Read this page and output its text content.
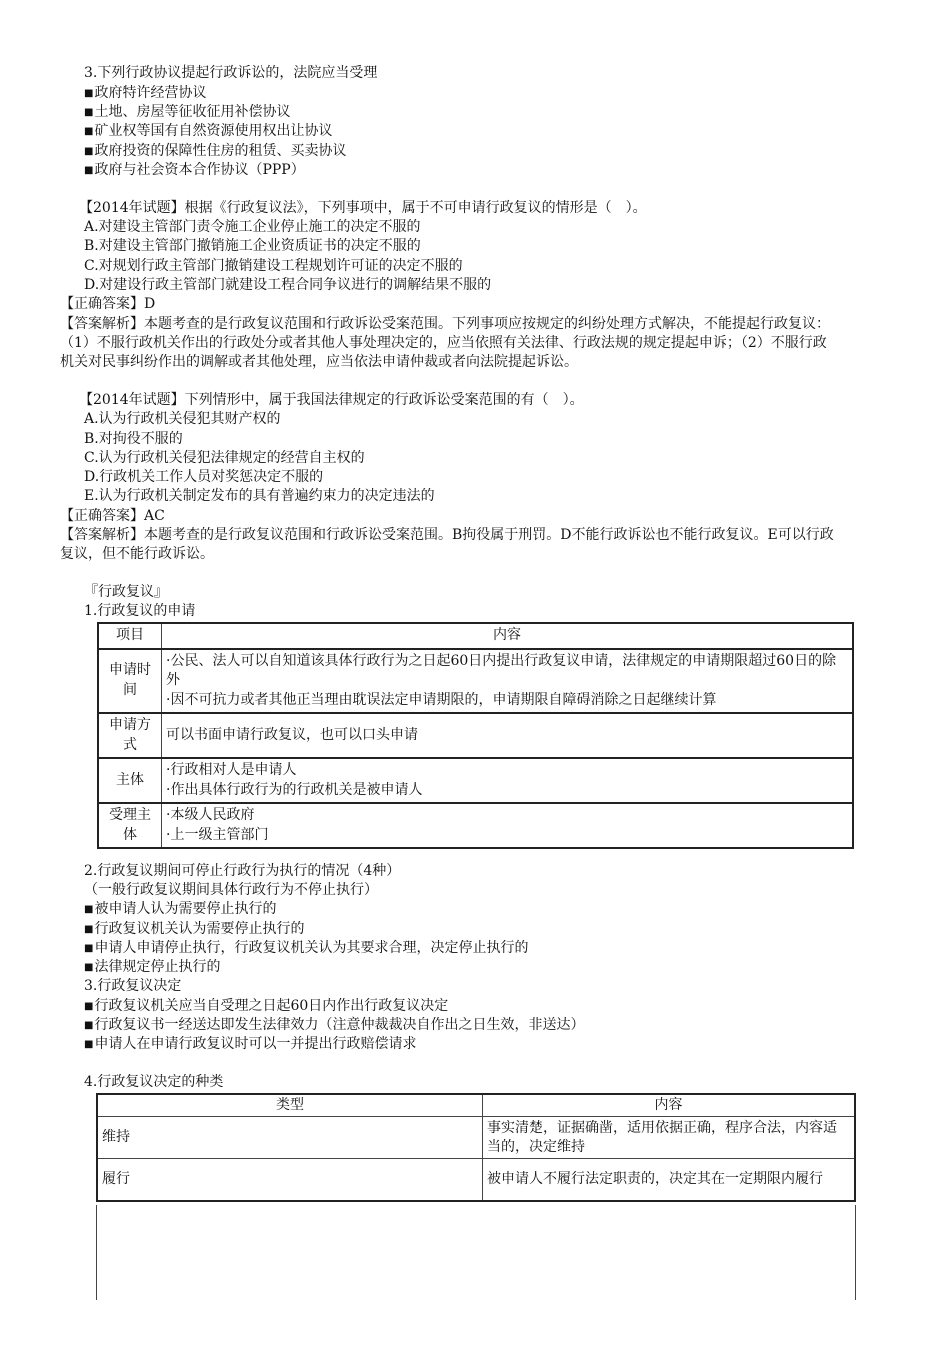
3.下列行政协议提起行政诉讼的，法院应当受理
■ 政府特许经营协议
■ 土地、房屋等征收征用补偿协议
■ 矿业权等国有自然资源使用权出让协议
■ 政府投资的保障性住房的租赁、买卖协议
■ 政府与社会资本合作协议（PPP）
【2014年试题】根据《行政复议法》，下列事项中，属于不可申请行政复议的情形是（　）。
A.对建设主管部门责令施工企业停止施工的决定不服的
B.对建设主管部门撤销施工企业资质证书的决定不服的
C.对规划行政主管部门撤销建设工程规划许可证的决定不服的
D.对建设行政主管部门就建设工程合同争议进行的调解结果不服的
【正确答案】D
【答案解析】本题考查的是行政复议范围和行政诉讼受案范围。下列事项应按规定的纠纷处理方式解决，不能提起行政复议：
（1）不服行政机关作出的行政处分或者其他人事处理决定的，应当依照有关法律、行政法规的规定提起申诉；（2）不服行政
机关对民事纠纷作出的调解或者其他处理，应当依法申请仲裁或者向法院提起诉讼。
【2014年试题】下列情形中，属于我国法律规定的行政诉讼受案范围的有（　）。
A.认为行政机关侵犯其财产权的
B.对拘役不服的
C.认为行政机关侵犯法律规定的经营自主权的
D.行政机关工作人员对奖惩决定不服的
E.认为行政机关制定发布的具有普遍约束力的决定违法的
【正确答案】AC
【答案解析】本题考查的是行政复议范围和行政诉讼受案范围。B拘役属于刑罚。D不能行政诉讼也不能行政复议。E可以行政
复议，但不能行政诉讼。
『行政复议』
1.行政复议的申请
项目	内容
申请时间	·公民、法人可以自知道该具体行政行为之日起60日内提出行政复议申请，法律规定的申请期限超过60日的除外
·因不可抗力或者其他正当理由耽误法定申请期限的，申请期限自障碍消除之日起继续计算

申请方式	可以书面申请行政复议，也可以口头申请

主体	·行政相对人是申请人
·作出具体行政行为的行政机关是被申请人

受理主体	·本级人民政府
·上一级主管部门
2.行政复议期间可停止行政行为执行的情况（4种）
（一般行政复议期间具体行政行为不停止执行）
■ 被申请人认为需要停止执行的
■ 行政复议机关认为需要停止执行的
■ 申请人申请停止执行，行政复议机关认为其要求合理，决定停止执行的
■ 法律规定停止执行的
3.行政复议决定
■ 行政复议机关应当自受理之日起60日内作出行政复议决定
■ 行政复议书一经送达即发生法律效力（注意仲裁裁决自作出之日生效，非送达）
■ 申请人在申请行政复议时可以一并提出行政赔偿请求
4.行政复议决定的种类
类型	内容
维持	事实清楚，证据确凿，适用依据正确，程序合法，内容适当的，决定维持
履行	被申请人不履行法定职责的，决定其在一定期限内履行
